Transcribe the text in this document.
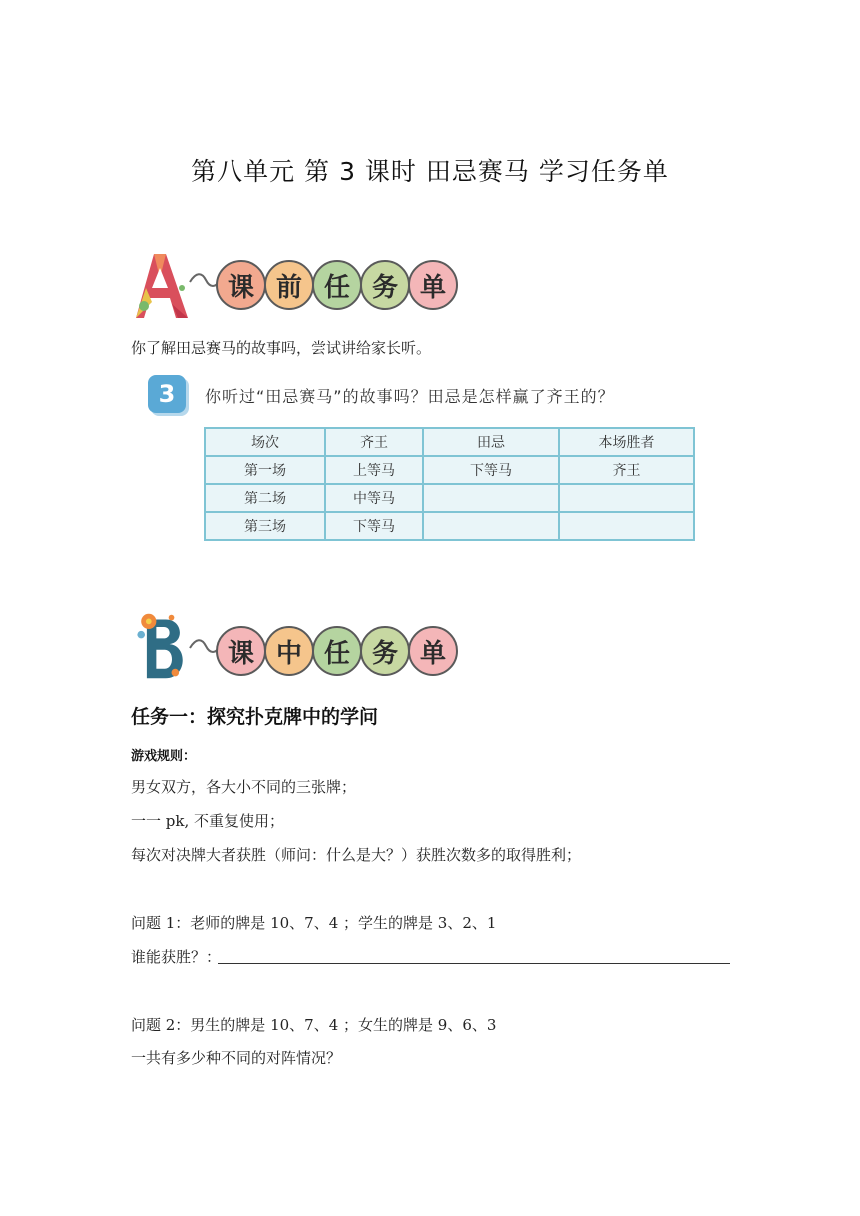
第八单元 第 3 课时 田忌赛马 学习任务单
课 前 任 务 单
你了解田忌赛马的故事吗，尝试讲给家长听。
3	你听过“田忌赛马”的故事吗？田忌是怎样赢了齐王的？
场次	齐王	田忌	本场胜者
第一场	上等马	下等马	齐王
第二场	中等马		
第三场	下等马		
课 中 任 务 单
任务一：探究扑克牌中的学问
游戏规则：
男女双方，各大小不同的三张牌；
一一 pk, 不重复使用；
每次对决牌大者获胜（师问：什么是大？）获胜次数多的取得胜利；
问题 1：老师的牌是 10、7、4 ；学生的牌是 3、2、1
谁能获胜？：
问题 2：男生的牌是 10、7、4 ；女生的牌是 9、6、3
一共有多少种不同的对阵情况？
